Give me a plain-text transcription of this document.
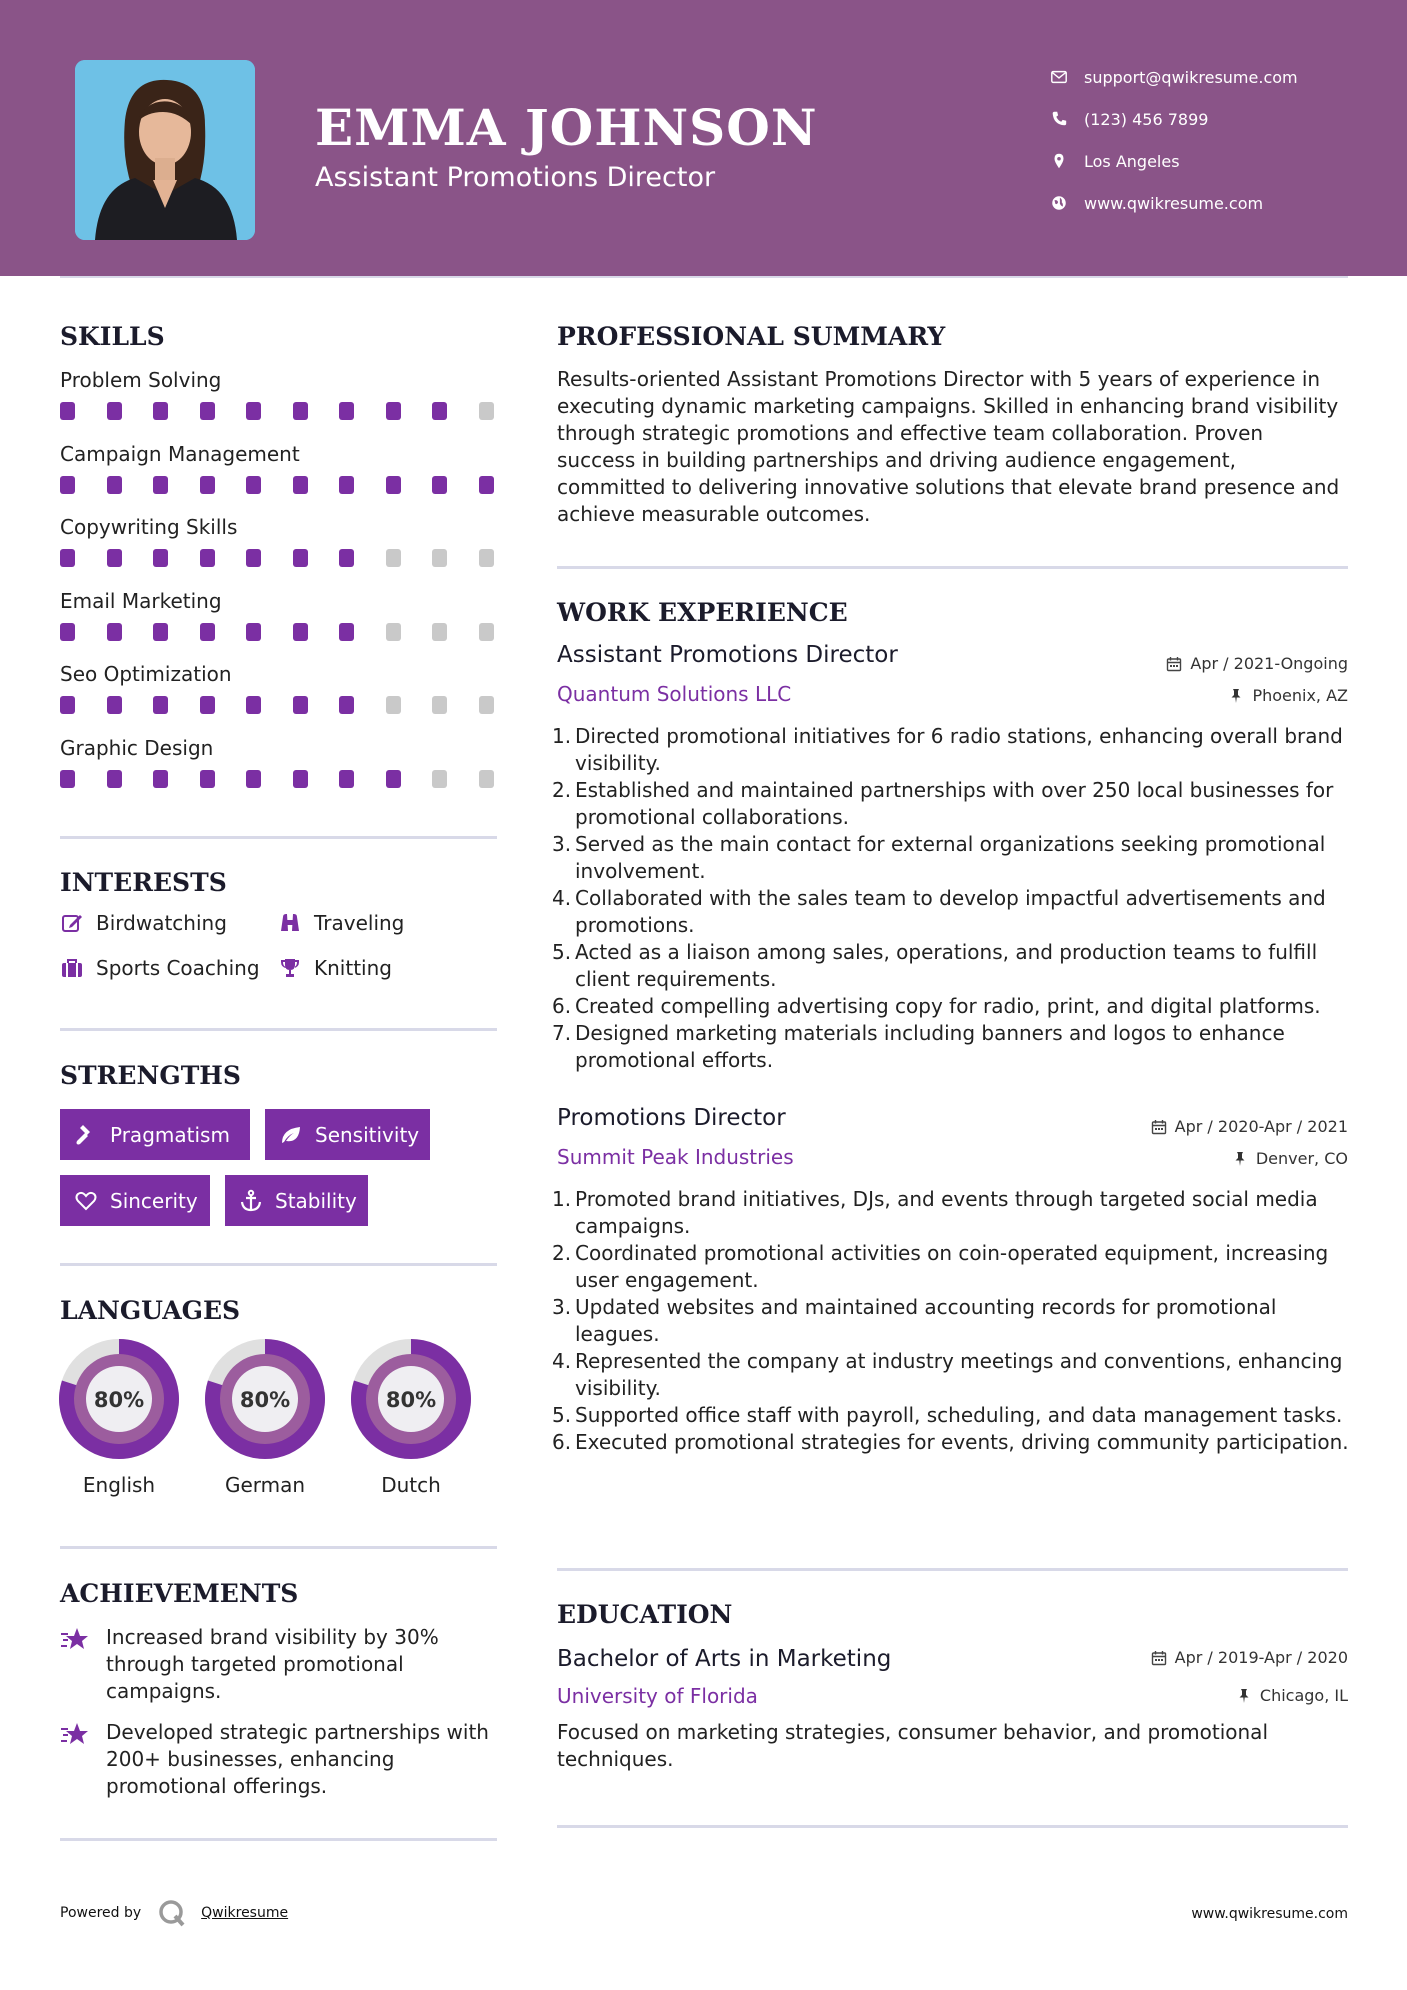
EMMA JOHNSON
Assistant Promotions Director
support@qwikresume.com
(123) 456 7899
Los Angeles
www.qwikresume.com
SKILLS
Problem Solving
Campaign Management
Copywriting Skills
Email Marketing
Seo Optimization
Graphic Design
INTERESTS
Birdwatching	Traveling
Sports Coaching	Knitting
STRENGTHS
Pragmatism	Sensitivity
Sincerity	Stability
LANGUAGES
80%
English
80%
German
80%
Dutch
ACHIEVEMENTS
Increased brand visibility by 30% through targeted promotional campaigns.
Developed strategic partnerships with 200+ businesses, enhancing promotional offerings.
PROFESSIONAL SUMMARY
Results-oriented Assistant Promotions Director with 5 years of experience in executing dynamic marketing campaigns. Skilled in enhancing brand visibility through strategic promotions and effective team collaboration. Proven success in building partnerships and driving audience engagement, committed to delivering innovative solutions that elevate brand presence and achieve measurable outcomes.
WORK EXPERIENCE
Assistant Promotions Director	Apr / 2021-Ongoing
Quantum Solutions LLC	Phoenix, AZ
1. Directed promotional initiatives for 6 radio stations, enhancing overall brand visibility.
2. Established and maintained partnerships with over 250 local businesses for promotional collaborations.
3. Served as the main contact for external organizations seeking promotional involvement.
4. Collaborated with the sales team to develop impactful advertisements and promotions.
5. Acted as a liaison among sales, operations, and production teams to fulfill client requirements.
6. Created compelling advertising copy for radio, print, and digital platforms.
7. Designed marketing materials including banners and logos to enhance promotional efforts.
Promotions Director	Apr / 2020-Apr / 2021
Summit Peak Industries	Denver, CO
1. Promoted brand initiatives, DJs, and events through targeted social media campaigns.
2. Coordinated promotional activities on coin-operated equipment, increasing user engagement.
3. Updated websites and maintained accounting records for promotional leagues.
4. Represented the company at industry meetings and conventions, enhancing visibility.
5. Supported office staff with payroll, scheduling, and data management tasks.
6. Executed promotional strategies for events, driving community participation.
EDUCATION
Bachelor of Arts in Marketing	Apr / 2019-Apr / 2020
University of Florida	Chicago, IL
Focused on marketing strategies, consumer behavior, and promotional techniques.
Powered by	Qwikresume	www.qwikresume.com
